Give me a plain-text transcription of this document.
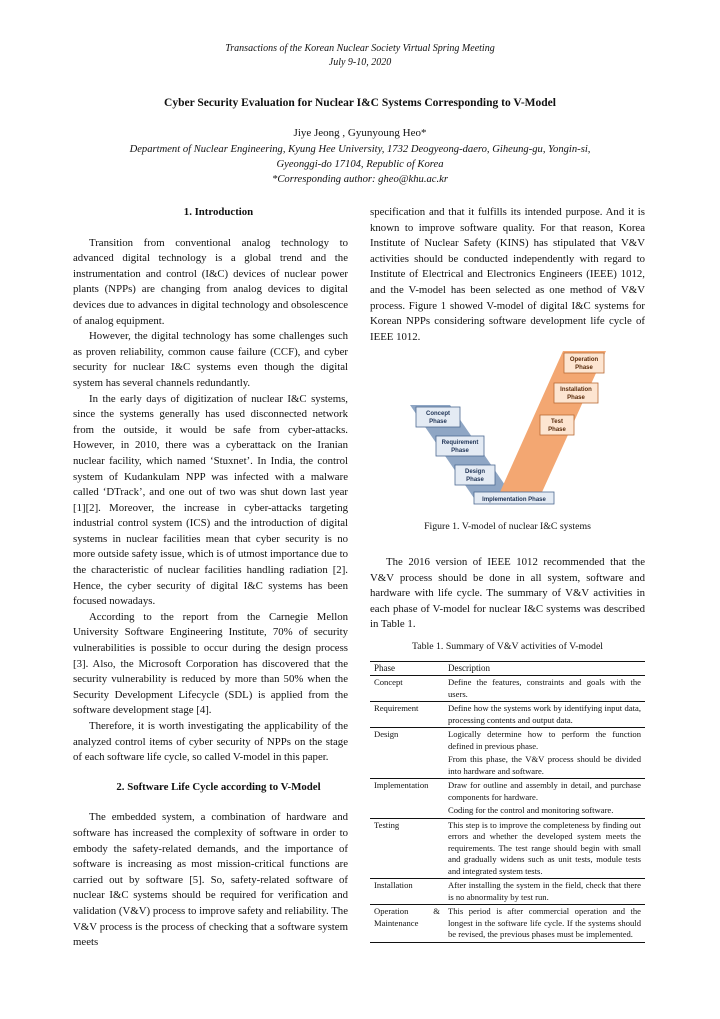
Transactions of the Korean Nuclear Society Virtual Spring Meeting
July 9-10, 2020
Cyber Security Evaluation for Nuclear I&C Systems Corresponding to V-Model
Jiye Jeong , Gyunyoung Heo*
Department of Nuclear Engineering, Kyung Hee University, 1732 Deogyeong-daero, Giheung-gu, Yongin-si,
Gyeonggi-do 17104, Republic of Korea
*Corresponding author: gheo@khu.ac.kr

1. Introduction

Transition from conventional analog technology to advanced digital technology is a global trend and the instrumentation and control (I&C) devices of nuclear power plants (NPPs) are changing from analog devices to digital devices due to advances in digital technology and obsolescence of analog equipment.

However, the digital technology has some challenges such as proven reliability, common cause failure (CCF), and cyber security for nuclear I&C systems even though the digital system has several channels redundantly.

In the early days of digitization of nuclear I&C systems, since the systems generally has used disconnected network from the outside, it would be safe from cyber-attacks. However, in 2010, there was a cyberattack on the Iranian nuclear facility, which named ‘Stuxnet’. In India, the control system of Kudankulam NPP was infected with a malware called ‘DTrack’, and one out of two was shut down last year [1][2]. Moreover, the increase in cyber-attacks targeting industrial control system (ICS) and the introduction of digital systems in nuclear facilities mean that cyber security is no more outside safety issue, which is of utmost importance due to the characteristic of nuclear facilities handling radiation [2]. Hence, the cyber security of digital I&C systems has been focused nowadays.

According to the report from the Carnegie Mellon University Software Engineering Institute, 70% of security vulnerabilities is possible to occur during the design process [3]. Also, the Microsoft Corporation has discovered that the security vulnerability is reduced by more than 50% when the Security Development Lifecycle (SDL) is applied from the software development stage [4].

Therefore, it is worth investigating the applicability of the analyzed control items of cyber security of NPPs on the stage of each software life cycle, so called V-model in this paper.

2. Software Life Cycle according to V-Model

The embedded system, a combination of hardware and software has increased the complexity of software in order to embody the safety-related demands, and the importance of software is increasing as most mission-critical functions are carried out by software [5]. So, safety-related software of nuclear I&C systems should be required for verification and validation (V&V) process to improve safety and reliability. The V&V process is the process of checking that a software system meets

specification and that it fulfills its intended purpose. And it is known to improve software quality. For that reason, Korea Institute of Nuclear Safety (KINS) has stipulated that V&V activities should be conducted independently with regard to Institute of Electrical and Electronics Engineers (IEEE) 1012, and the V-model has been selected as one method of V&V process. Figure 1 showed V-model of digital I&C systems for Korean NPPs considering software development life cycle of IEEE 1012.

Concept
Phase
Requirement
Phase
Design
Phase
Operation
Phase
Installation
Phase
Test
Phase
Implementation Phase
Figure 1. V-model of nuclear I&C systems

The 2016 version of IEEE 1012 recommended that the V&V process should be done in all system, software and hardware with life cycle. The summary of V&V activities in each phase of V-model for nuclear I&C systems was described in Table 1.

Table 1. Summary of V&V activities of V-model
Phase	Description
Concept	Define the features, constraints and goals with the users.
Requirement	Define how the systems work by identifying input data, processing contents and output data.
Design	Logically determine how to perform the function defined in previous phase.
	From this phase, the V&V process should be divided into hardware and software.
Implementation	Draw for outline and assembly in detail, and purchase components for hardware.
	Coding for the control and monitoring software.
Testing	This step is to improve the completeness by finding out errors and whether the developed system meets the requirements. The test range should begin with small and gradually widens such as unit tests, module tests and integrated system tests.
Installation	After installing the system in the field, check that there is no abnormality by test run.
Operation & Maintenance	This period is after commercial operation and the longest in the software life cycle. If the systems should be revised, the previous phases must be implemented.
